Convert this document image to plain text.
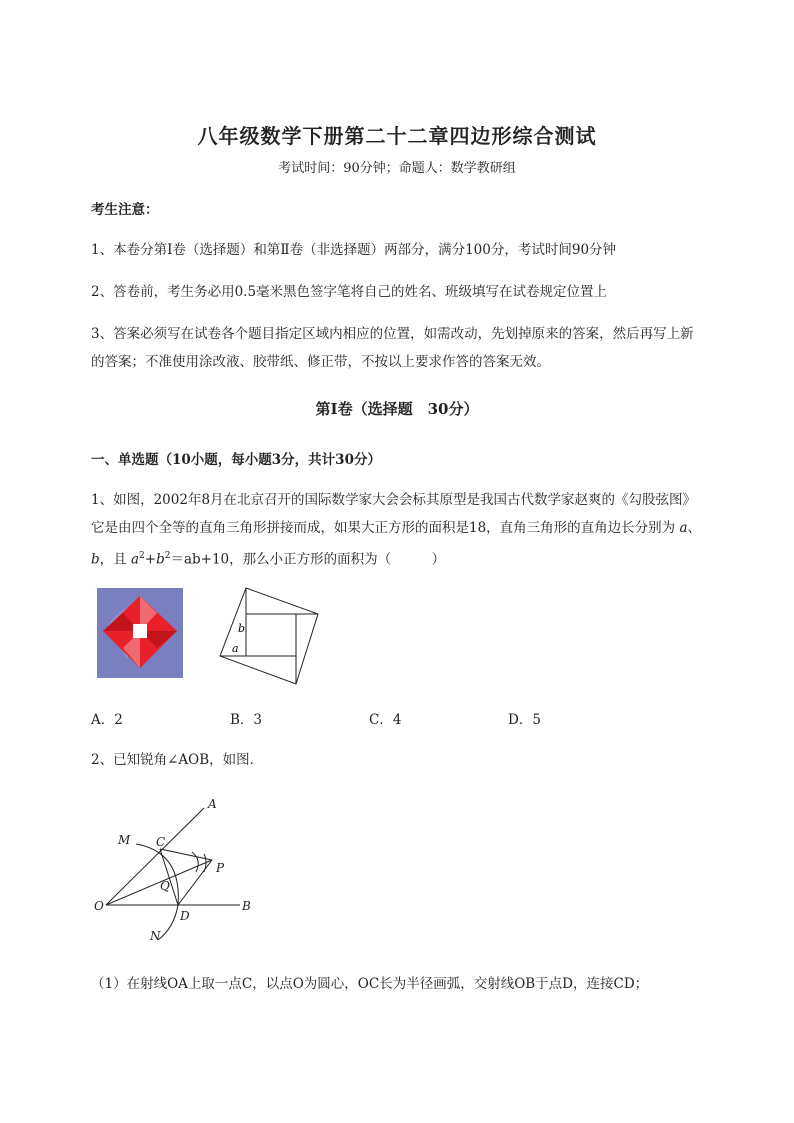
八年级数学下册第二十二章四边形综合测试
考试时间：90分钟；命题人：数学教研组
考生注意：
1、本卷分第Ⅰ卷（选择题）和第Ⅱ卷（非选择题）两部分，满分100分，考试时间90分钟
2、答卷前，考生务必用0.5毫米黑色签字笔将自己的姓名、班级填写在试卷规定位置上
3、答案必须写在试卷各个题目指定区域内相应的位置，如需改动，先划掉原来的答案，然后再写上新的答案；不准使用涂改液、胶带纸、修正带，不按以上要求作答的答案无效。
第Ⅰ卷（选择题　30分）
一、单选题（10小题，每小题3分，共计30分）
1、如图，2002年8月在北京召开的国际数学家大会会标其原型是我国古代数学家赵爽的《勾股弦图》它是由四个全等的直角三角形拼接而成，如果大正方形的面积是18，直角三角形的直角边长分别为 a、b，且 $a^2+b^2=ab+10$，那么小正方形的面积为（　　　）
b
a
A．2	B．3	C．4	D．5
2、已知锐角∠AOB，如图．
A
M C
P
Q
O
D
B
N
（1）在射线OA上取一点C，以点O为圆心，OC长为半径画弧，交射线OB于点D，连接CD；
